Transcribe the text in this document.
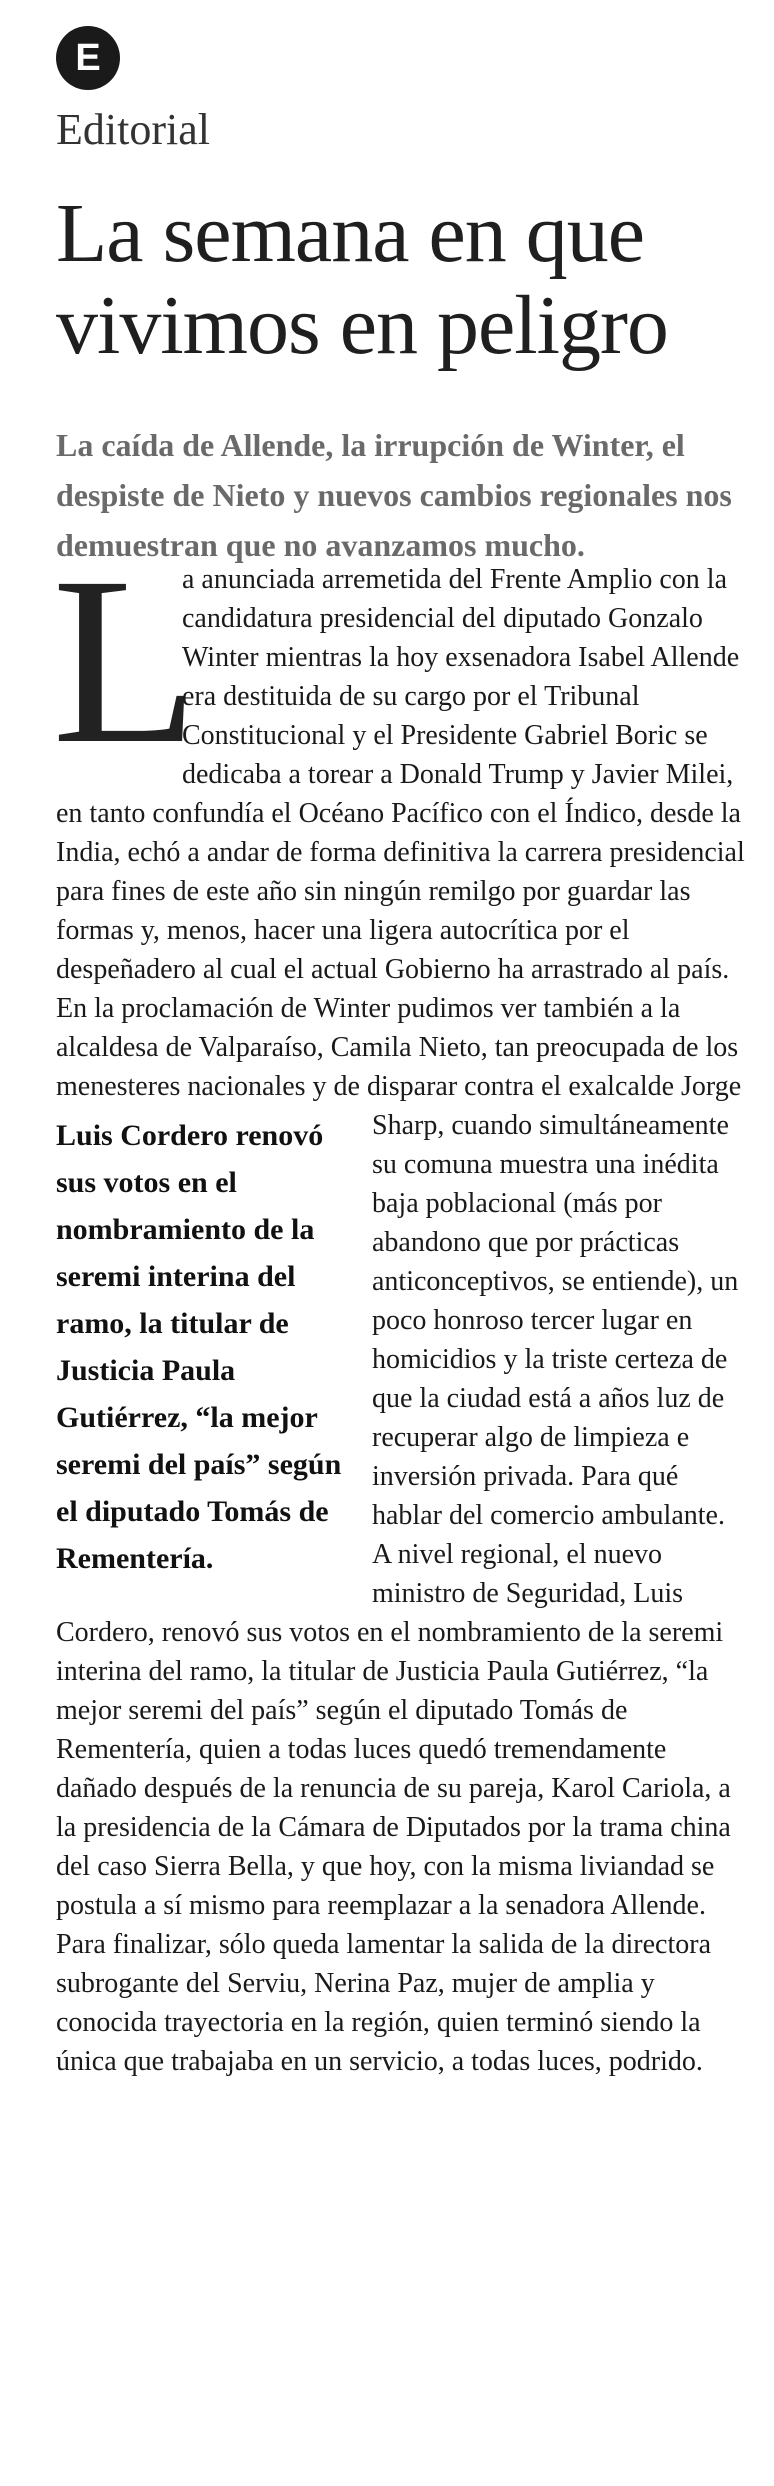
E
Editorial
La semana en que vivimos en peligro
La caída de Allende, la irrupción de Winter, el despiste de Nieto y nuevos cambios regionales nos demuestran que no avanzamos mucho.
L

a anunciada arremetida del Frente Amplio con la candidatura presidencial del diputado Gonzalo Winter mientras la hoy exsenadora Isabel Allende era destituida de su cargo por el Tribunal Constitucional y el Presidente Gabriel Boric se dedicaba a torear a Donald Trump y Javier Milei, en tanto confundía el Océano Pacífico con el Índico, desde la India, echó a andar de forma definitiva la carrera presidencial para fines de este año sin ningún remilgo por guardar las formas y, menos, hacer una ligera autocrítica por el despeñadero al cual el actual Gobierno ha arrastrado al país.

En la proclamación de Winter pudimos ver también a la alcaldesa de Valparaíso, Camila Nieto, tan preocupada de los menesteres nacionales y de disparar contra el exalcalde Jorge Sharp, cuando simultáneamente
Luis Cordero renovó sus votos en el nombramiento de la seremi interina del ramo, la titular de Justicia Paula Gutiérrez, “la mejor seremi del país” según el diputado Tomás de Rementería.
su comuna muestra una inédita baja poblacional (más por abandono que por prácticas anticonceptivos, se entiende), un poco honroso tercer lugar en homicidios y la triste certeza de que la ciudad está a años luz de recuperar algo de limpieza e inversión privada. Para qué hablar del comercio ambulante.

A nivel regional, el nuevo ministro de Seguridad, Luis Cordero, renovó sus votos en el nombramiento de la seremi interina del ramo, la titular de Justicia Paula Gutiérrez, “la mejor seremi del país” según el diputado Tomás de Rementería, quien a todas luces quedó tremendamente dañado después de la renuncia de su pareja, Karol Cariola, a la presidencia de la Cámara de Diputados por la trama china del caso Sierra Bella, y que hoy, con la misma liviandad se postula a sí mismo para reemplazar a la senadora Allende.

Para finalizar, sólo queda lamentar la salida de la directora subrogante del Serviu, Nerina Paz, mujer de amplia y conocida trayectoria en la región, quien terminó siendo la única que trabajaba en un servicio, a todas luces, podrido.
